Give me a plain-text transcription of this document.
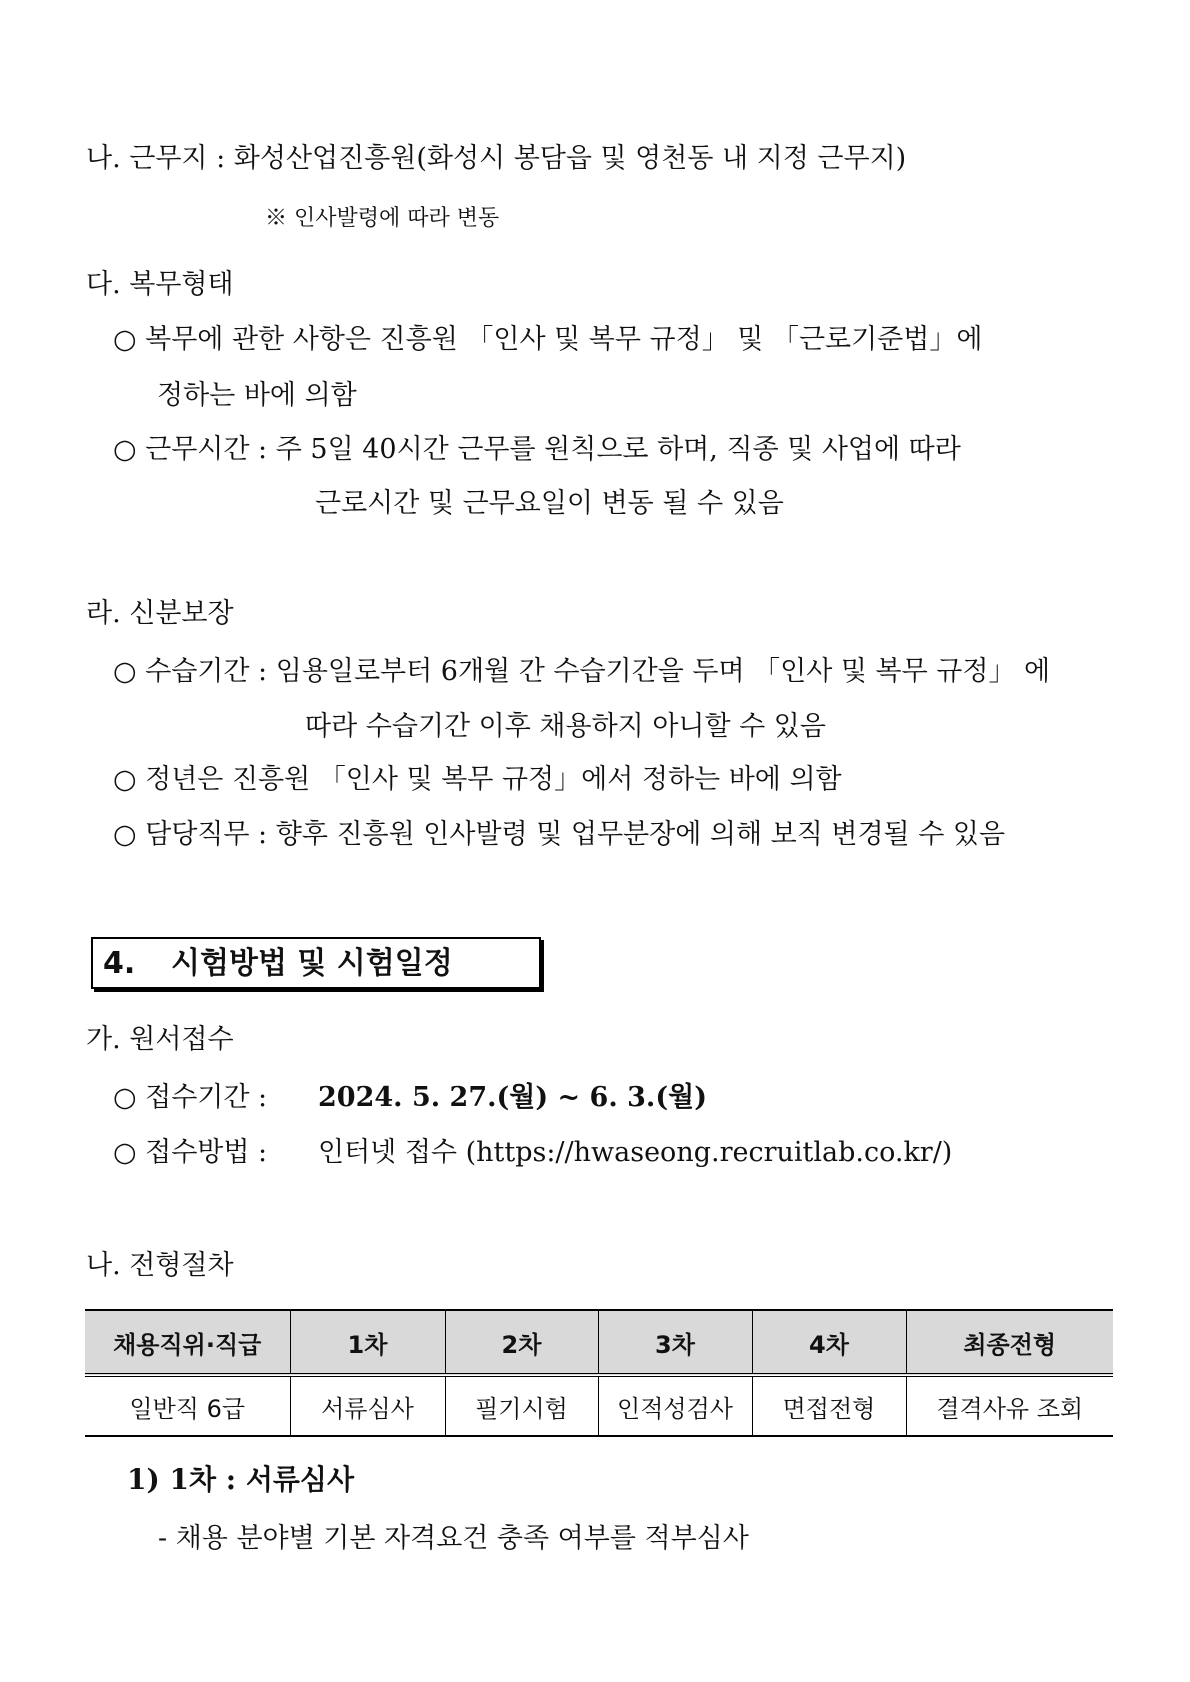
나. 근무지 : 화성산업진흥원(화성시 봉담읍 및 영천동 내 지정 근무지)
※ 인사발령에 따라 변동
다. 복무형태
○ 복무에 관한 사항은 진흥원 「인사 및 복무 규정」 및 「근로기준법」에
정하는 바에 의함
○ 근무시간 : 주 5일 40시간 근무를 원칙으로 하며, 직종 및 사업에 따라
근로시간 및 근무요일이 변동 될 수 있음
라. 신분보장
○ 수습기간 : 임용일로부터 6개월 간 수습기간을 두며 「인사 및 복무 규정」 에
따라 수습기간 이후 채용하지 아니할 수 있음
○ 정년은 진흥원 「인사 및 복무 규정」에서 정하는 바에 의함
○ 담당직무 : 향후 진흥원 인사발령 및 업무분장에 의해 보직 변경될 수 있음
4. 시험방법 및 시험일정
가. 원서접수
○ 접수기간 : 2024. 5. 27.(월) ~ 6. 3.(월)
○ 접수방법 : 인터넷 접수 (https://hwaseong.recruitlab.co.kr/)
나. 전형절차
채용직위·직급	1차	2차	3차	4차	최종전형
일반직 6급	서류심사	필기시험	인적성검사	면접전형	결격사유 조회
1) 1차 : 서류심사
- 채용 분야별 기본 자격요건 충족 여부를 적부심사
